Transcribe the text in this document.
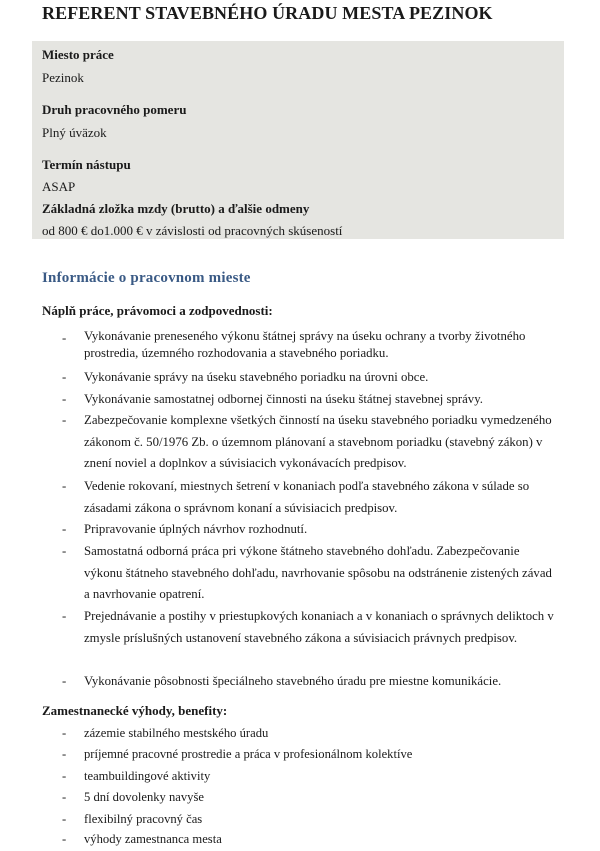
REFERENT STAVEBNÉHO ÚRADU MESTA PEZINOK

Miesto práce

Pezinok

Druh pracovného pomeru

Plný úväzok

Termín nástupu

ASAP

Základná zložka mzdy (brutto) a ďalšie odmeny

od 800 € do1.000 € v závislosti od pracovných skúseností

Informácie o pracovnom mieste
Náplň práce, právomoci a zodpovednosti:
- Vykonávanie preneseného výkonu štátnej správy na úseku ochrany a tvorby životného prostredia, územného rozhodovania a stavebného poriadku.
- Vykonávanie správy na úseku stavebného poriadku na úrovni obce.
- Vykonávanie samostatnej odbornej činnosti na úseku štátnej stavebnej správy.
- Zabezpečovanie komplexne všetkých činností na úseku stavebného poriadku vymedzeného zákonom č. 50/1976 Zb. o územnom plánovaní a stavebnom poriadku (stavebný zákon) v znení noviel a doplnkov a súvisiacich vykonávacích predpisov.
- Vedenie rokovaní, miestnych šetrení v konaniach podľa stavebného zákona v súlade so zásadami zákona o správnom konaní a súvisiacich predpisov.
- Pripravovanie úplných návrhov rozhodnutí.
- Samostatná odborná práca pri výkone štátneho stavebného dohľadu. Zabezpečovanie výkonu štátneho stavebného dohľadu, navrhovanie spôsobu na odstránenie zistených závad a navrhovanie opatrení.
- Prejednávanie a postihy v priestupkových konaniach a v konaniach o správnych deliktoch v zmysle príslušných ustanovení stavebného zákona a súvisiacich právnych predpisov.
- Vykonávanie pôsobnosti špeciálneho stavebného úradu pre miestne komunikácie.
Zamestnanecké výhody, benefity:
- zázemie stabilného mestského úradu
- príjemné pracovné prostredie a práca v profesionálnom kolektíve
- teambuildingové aktivity
- 5 dní dovolenky navyše
- flexibilný pracovný čas
- výhody zamestnanca mesta
